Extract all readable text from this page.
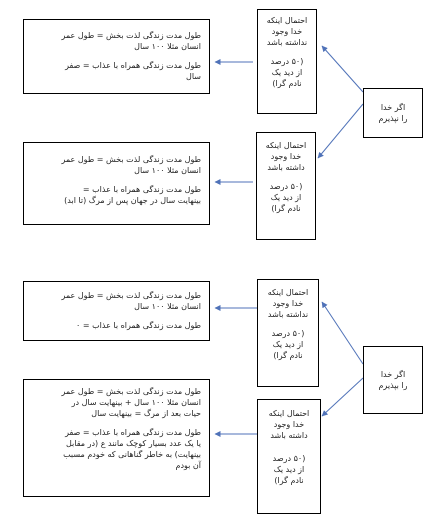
طول مدت زندگی لذت بخش = طول عمر

انسان مثلا ۱۰۰ سال

طول مدت زندگی همراه با عذاب = صفر

سال

احتمال اینکه

خدا وجود

نداشته باشد

(۵۰ درصد

از دید یک

نادم گرا)

اگر خدا

را نپذیرم

احتمال اینکه

خدا وجود

داشته باشد

(۵۰ درصد

از دید یک

نادم گرا)

طول مدت زندگی لذت بخش = طول عمر

انسان مثلا ۱۰۰ سال

طول مدت زندگی همراه با عذاب =

بینهایت سال در جهان پس از مرگ (تا ابد)

طول مدت زندگی لذت بخش = طول عمر

انسان مثلا ۱۰۰ سال

طول مدت زندگی همراه با عذاب = ۰

احتمال اینکه

خدا وجود

نداشته باشد

(۵۰ درصد

از دید یک

نادم گرا)

اگر خدا

را بپذیرم

احتمال اینکه

خدا وجود

داشته باشد

(۵۰ درصد

از دید یک

نادم گرا)

طول مدت زندگی لذت بخش = طول عمر

انسان مثلا ۱۰۰ سال + بینهایت سال در

حیات بعد از مرگ = بینهایت سال

طول مدت زندگی همراه با عذاب = صفر

یا یک عدد بسیار کوچک مانند ع (در مقابل

بینهایت) به خاطر گناهانی که خودم مسبب

آن بودم
